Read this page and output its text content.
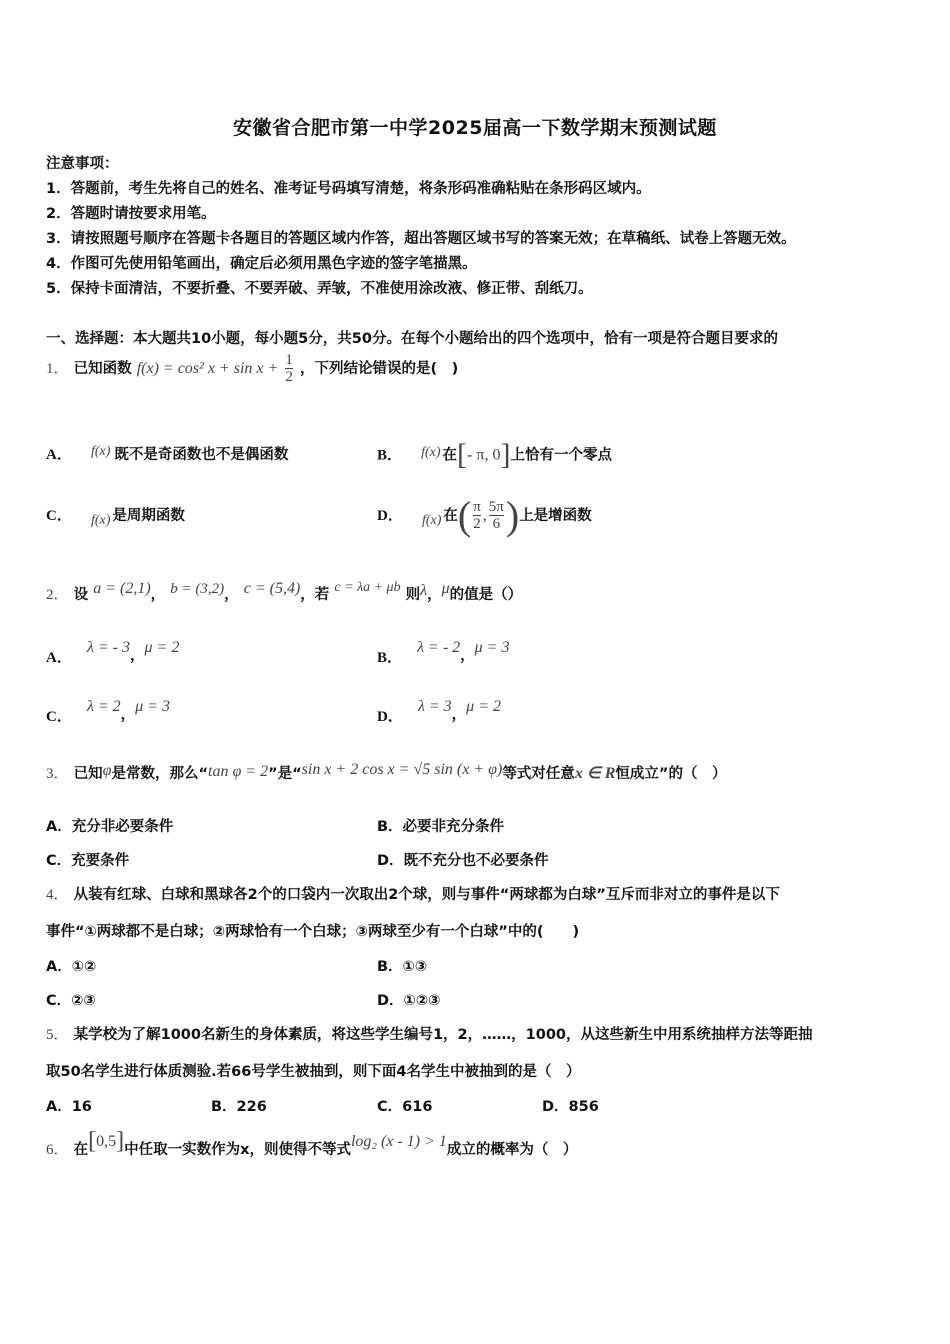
安徽省合肥市第一中学2025届高一下数学期末预测试题
注意事项：
1．答题前，考生先将自己的姓名、准考证号码填写清楚，将条形码准确粘贴在条形码区域内。
2．答题时请按要求用笔。
3．请按照题号顺序在答题卡各题目的答题区域内作答，超出答题区域书写的答案无效；在草稿纸、试卷上答题无效。
4．作图可先使用铅笔画出，确定后必须用黑色字迹的签字笔描黑。
5．保持卡面清洁，不要折叠、不要弄破、弄皱，不准使用涂改液、修正带、刮纸刀。
一、选择题：本大题共10小题，每小题5分，共50分。在每个小题给出的四个选项中，恰有一项是符合题目要求的
1． 已知函数 f(x) = cos² $x + \sin x + \frac{1}{2}$ ，下列结论错误的是(　)
A． f(x) 既不是奇函数也不是偶函数	B． f(x) 在[- π, 0]上恰有一个零点
C． f(x) 是周期函数	D． f(x) 在( $\frac{\pi}{2}$ , $\frac{5\pi}{6}$ )上是增函数
2． 设 a = (2,1)， b = (3,2)， c = (5,4)，若 c = λa + μb 则λ，μ的值是（）
A． λ = - 3，μ = 2
B． λ = - 2，μ = 3
C． λ = 2，μ = 3
D． λ = 3，μ = 2
3． 已知φ是常数，那么“tan φ = 2”是“sin x + 2 cos x = √5 sin (x + φ)等式对任意x ∈ R恒成立”的（　）
A．充分非必要条件	B．必要非充分条件
C．充要条件	D．既不充分也不必要条件
4． 从装有红球、白球和黑球各2个的口袋内一次取出2个球，则与事件“两球都为白球”互斥而非对立的事件是以下
事件“①两球都不是白球；②两球恰有一个白球；③两球至少有一个白球”中的(　　)
A．①②	B．①③
C．②③	D．①②③
5． 某学校为了解1000名新生的身体素质，将这些学生编号1，2，……，1000，从这些新生中用系统抽样方法等距抽
取50名学生进行体质测验.若66号学生被抽到，则下面4名学生中被抽到的是（　）
A．16	B．226	C．616	D．856
6． 在[0,5]中任取一实数作为x，则使得不等式log₂ (x - 1) > 1成立的概率为（　）
